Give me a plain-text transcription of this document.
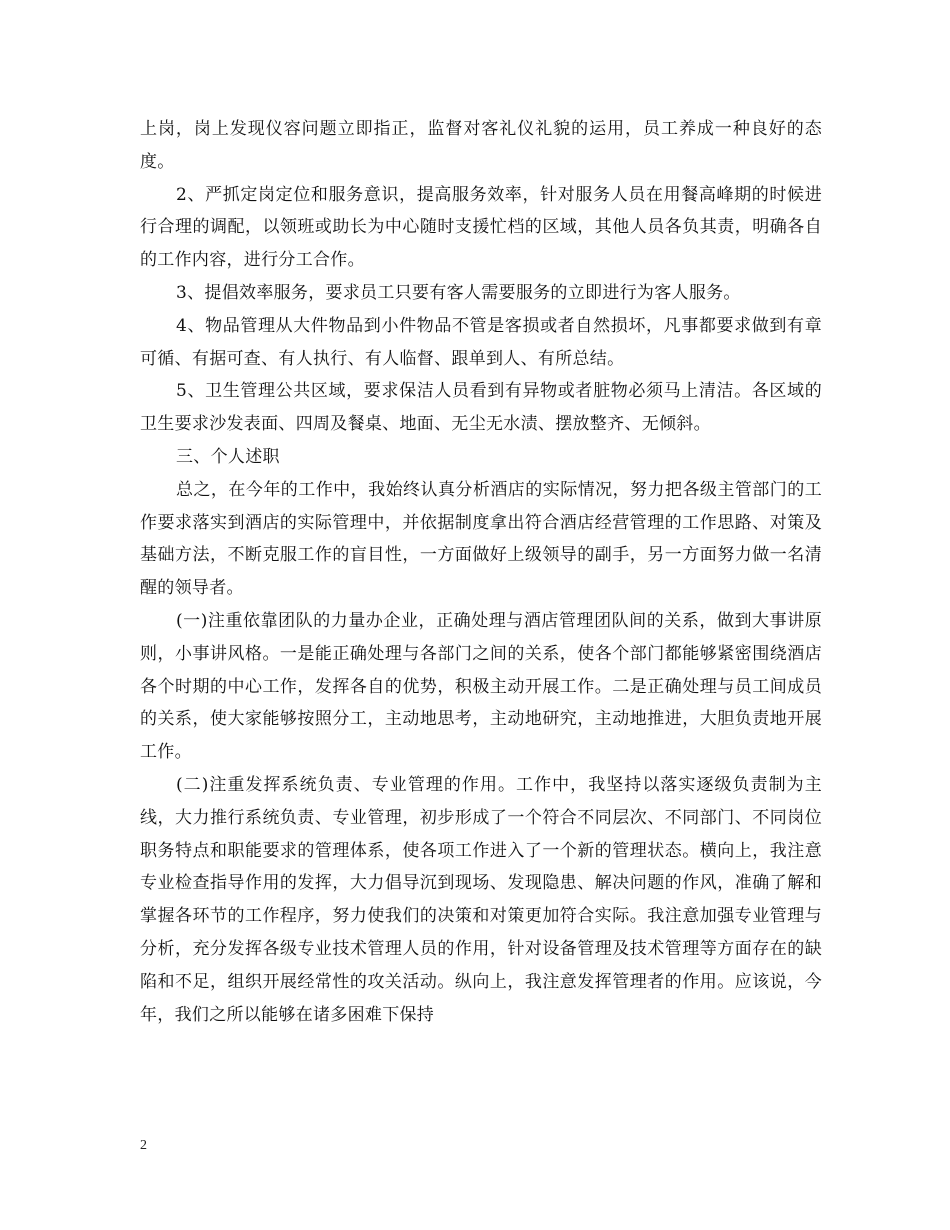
上岗，岗上发现仪容问题立即指正，监督对客礼仪礼貌的运用，员工养成一种良好的态度。

2、严抓定岗定位和服务意识，提高服务效率，针对服务人员在用餐高峰期的时候进行合理的调配，以领班或助长为中心随时支援忙档的区域，其他人员各负其责，明确各自的工作内容，进行分工合作。

3、提倡效率服务，要求员工只要有客人需要服务的立即进行为客人服务。

4、物品管理从大件物品到小件物品不管是客损或者自然损坏，凡事都要求做到有章可循、有据可查、有人执行、有人临督、跟单到人、有所总结。

5、卫生管理公共区域，要求保洁人员看到有异物或者脏物必须马上清洁。各区域的卫生要求沙发表面、四周及餐桌、地面、无尘无水渍、摆放整齐、无倾斜。

三、个人述职

总之，在今年的工作中，我始终认真分析酒店的实际情况，努力把各级主管部门的工作要求落实到酒店的实际管理中，并依据制度拿出符合酒店经营管理的工作思路、对策及基础方法，不断克服工作的盲目性，一方面做好上级领导的副手，另一方面努力做一名清醒的领导者。

(一)注重依靠团队的力量办企业，正确处理与酒店管理团队间的关系，做到大事讲原则，小事讲风格。一是能正确处理与各部门之间的关系，使各个部门都能够紧密围绕酒店各个时期的中心工作，发挥各自的优势，积极主动开展工作。二是正确处理与员工间成员的关系，使大家能够按照分工，主动地思考，主动地研究，主动地推进，大胆负责地开展工作。

(二)注重发挥系统负责、专业管理的作用。工作中，我坚持以落实逐级负责制为主线，大力推行系统负责、专业管理，初步形成了一个符合不同层次、不同部门、不同岗位职务特点和职能要求的管理体系，使各项工作进入了一个新的管理状态。横向上，我注意专业检查指导作用的发挥，大力倡导沉到现场、发现隐患、解决问题的作风，准确了解和掌握各环节的工作程序，努力使我们的决策和对策更加符合实际。我注意加强专业管理与分析，充分发挥各级专业技术管理人员的作用，针对设备管理及技术管理等方面存在的缺陷和不足，组织开展经常性的攻关活动。纵向上，我注意发挥管理者的作用。应该说，今年，我们之所以能够在诸多困难下保持

2
